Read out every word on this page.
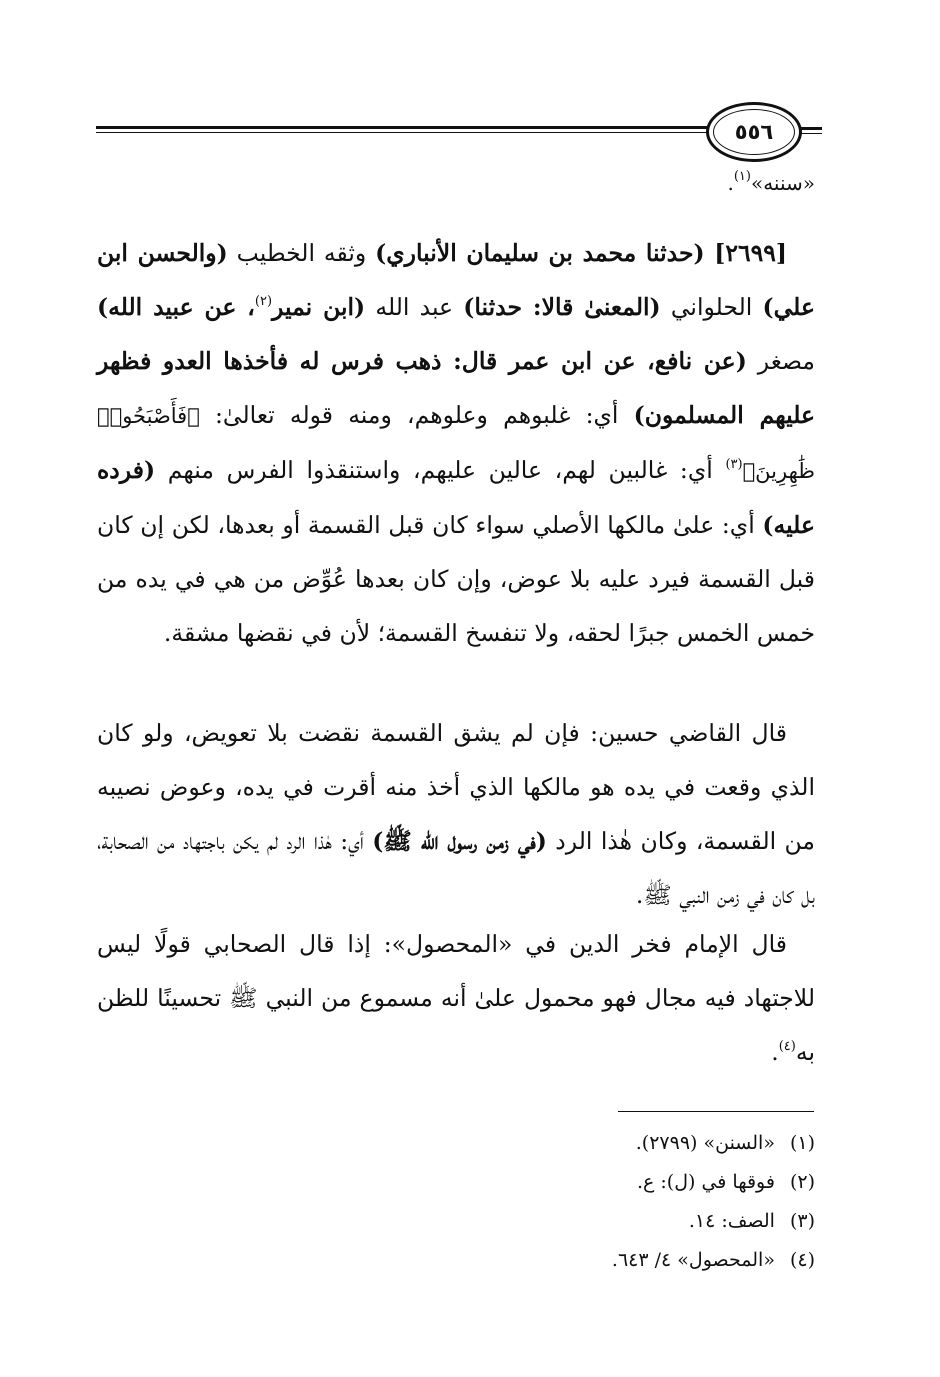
٥٥٦
«سننه»$^{(١)}$.

[٢٦٩٩] (حدثنا محمد بن سليمان الأنباري) وثقه الخطيب (والحسن ابن علي) الحلواني (المعنىٰ قالا: حدثنا) عبد الله (ابن نمير$^{(٢)}$، عن عبيد الله) مصغر (عن نافع، عن ابن عمر قال: ذهب فرس له فأخذها العدو فظهر عليهم المسلمون) أي: غلبوهم وعلوهم، ومنه قوله تعالىٰ: ﴿فَأَصْبَحُوا۟ ظَٰهِرِينَ﴾$^{(٣)}$ أي: غالبين لهم، عالين عليهم، واستنقذوا الفرس منهم (فرده عليه) أي: علىٰ مالكها الأصلي سواء كان قبل القسمة أو بعدها، لكن إن كان قبل القسمة فيرد عليه بلا عوض، وإن كان بعدها عُوِّض من هي في يده من خمس الخمس جبرًا لحقه، ولا تنفسخ القسمة؛ لأن في نقضها مشقة.

قال القاضي حسين: فإن لم يشق القسمة نقضت بلا تعويض، ولو كان الذي وقعت في يده هو مالكها الذي أخذ منه أقرت في يده، وعوض نصيبه من القسمة، وكان هٰذا الرد (في زمن رسول الله ﷺ) أي: هٰذا الرد لم يكن باجتهاد من الصحابة، بل كان في زمن النبي ﷺ.

قال الإمام فخر الدين في «المحصول»: إذا قال الصحابي قولًا ليس للاجتهاد فيه مجال فهو محمول علىٰ أنه مسموع من النبي ﷺ تحسينًا للظن به$^{(٤)}$.

(١) «السنن» (٢٧٩٩).
(٢) فوقها في (ل): ع.
(٣) الصف: ١٤.
(٤) «المحصول» ٤/ ٦٤٣.
